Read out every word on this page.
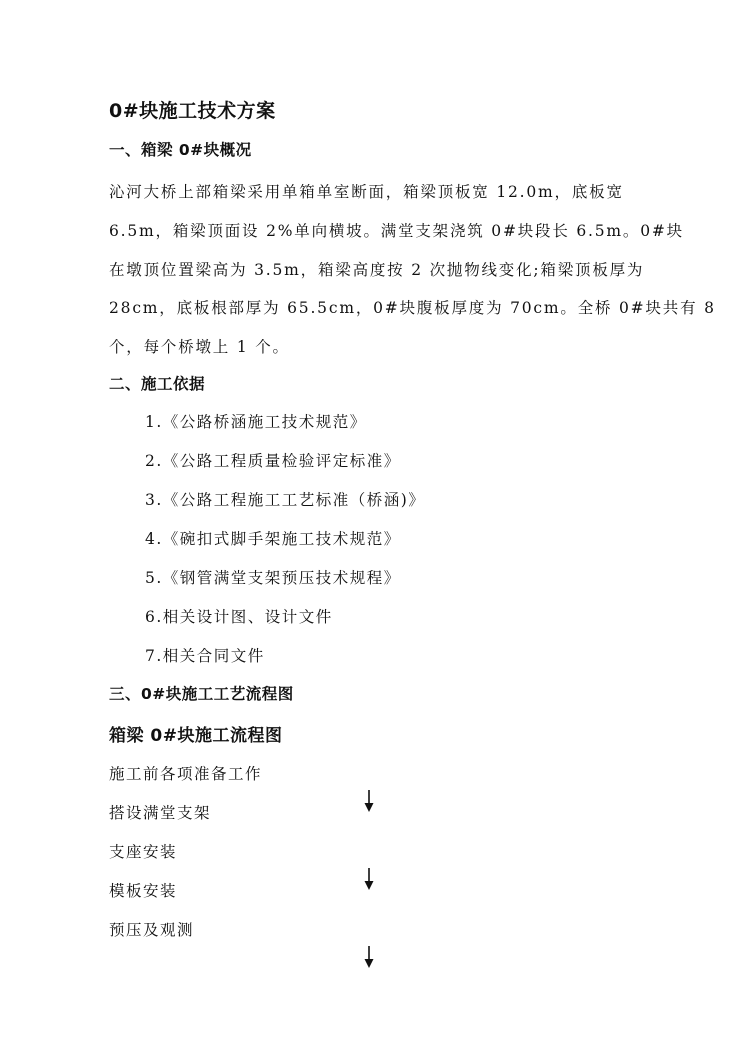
0#块施工技术方案
一、箱梁 0#块概况

沁河大桥上部箱梁采用单箱单室断面，箱梁顶板宽 12.0m，底板宽
6.5m，箱梁顶面设 2%单向横坡。满堂支架浇筑 0#块段长 6.5m。0#块
在墩顶位置梁高为 3.5m，箱梁高度按 2 次抛物线变化;箱梁顶板厚为
28cm，底板根部厚为 65.5cm，0#块腹板厚度为 70cm。全桥 0#块共有 8
个，每个桥墩上 1 个。

二、施工依据
1.《公路桥涵施工技术规范》
2.《公路工程质量检验评定标准》
3.《公路工程施工工艺标准（桥涵)》
4.《碗扣式脚手架施工技术规范》
5.《钢管满堂支架预压技术规程》
6.相关设计图、设计文件
7.相关合同文件
三、0#块施工工艺流程图
箱梁 0#块施工流程图
施工前各项准备工作
搭设满堂支架
支座安装
模板安装
预压及观测
